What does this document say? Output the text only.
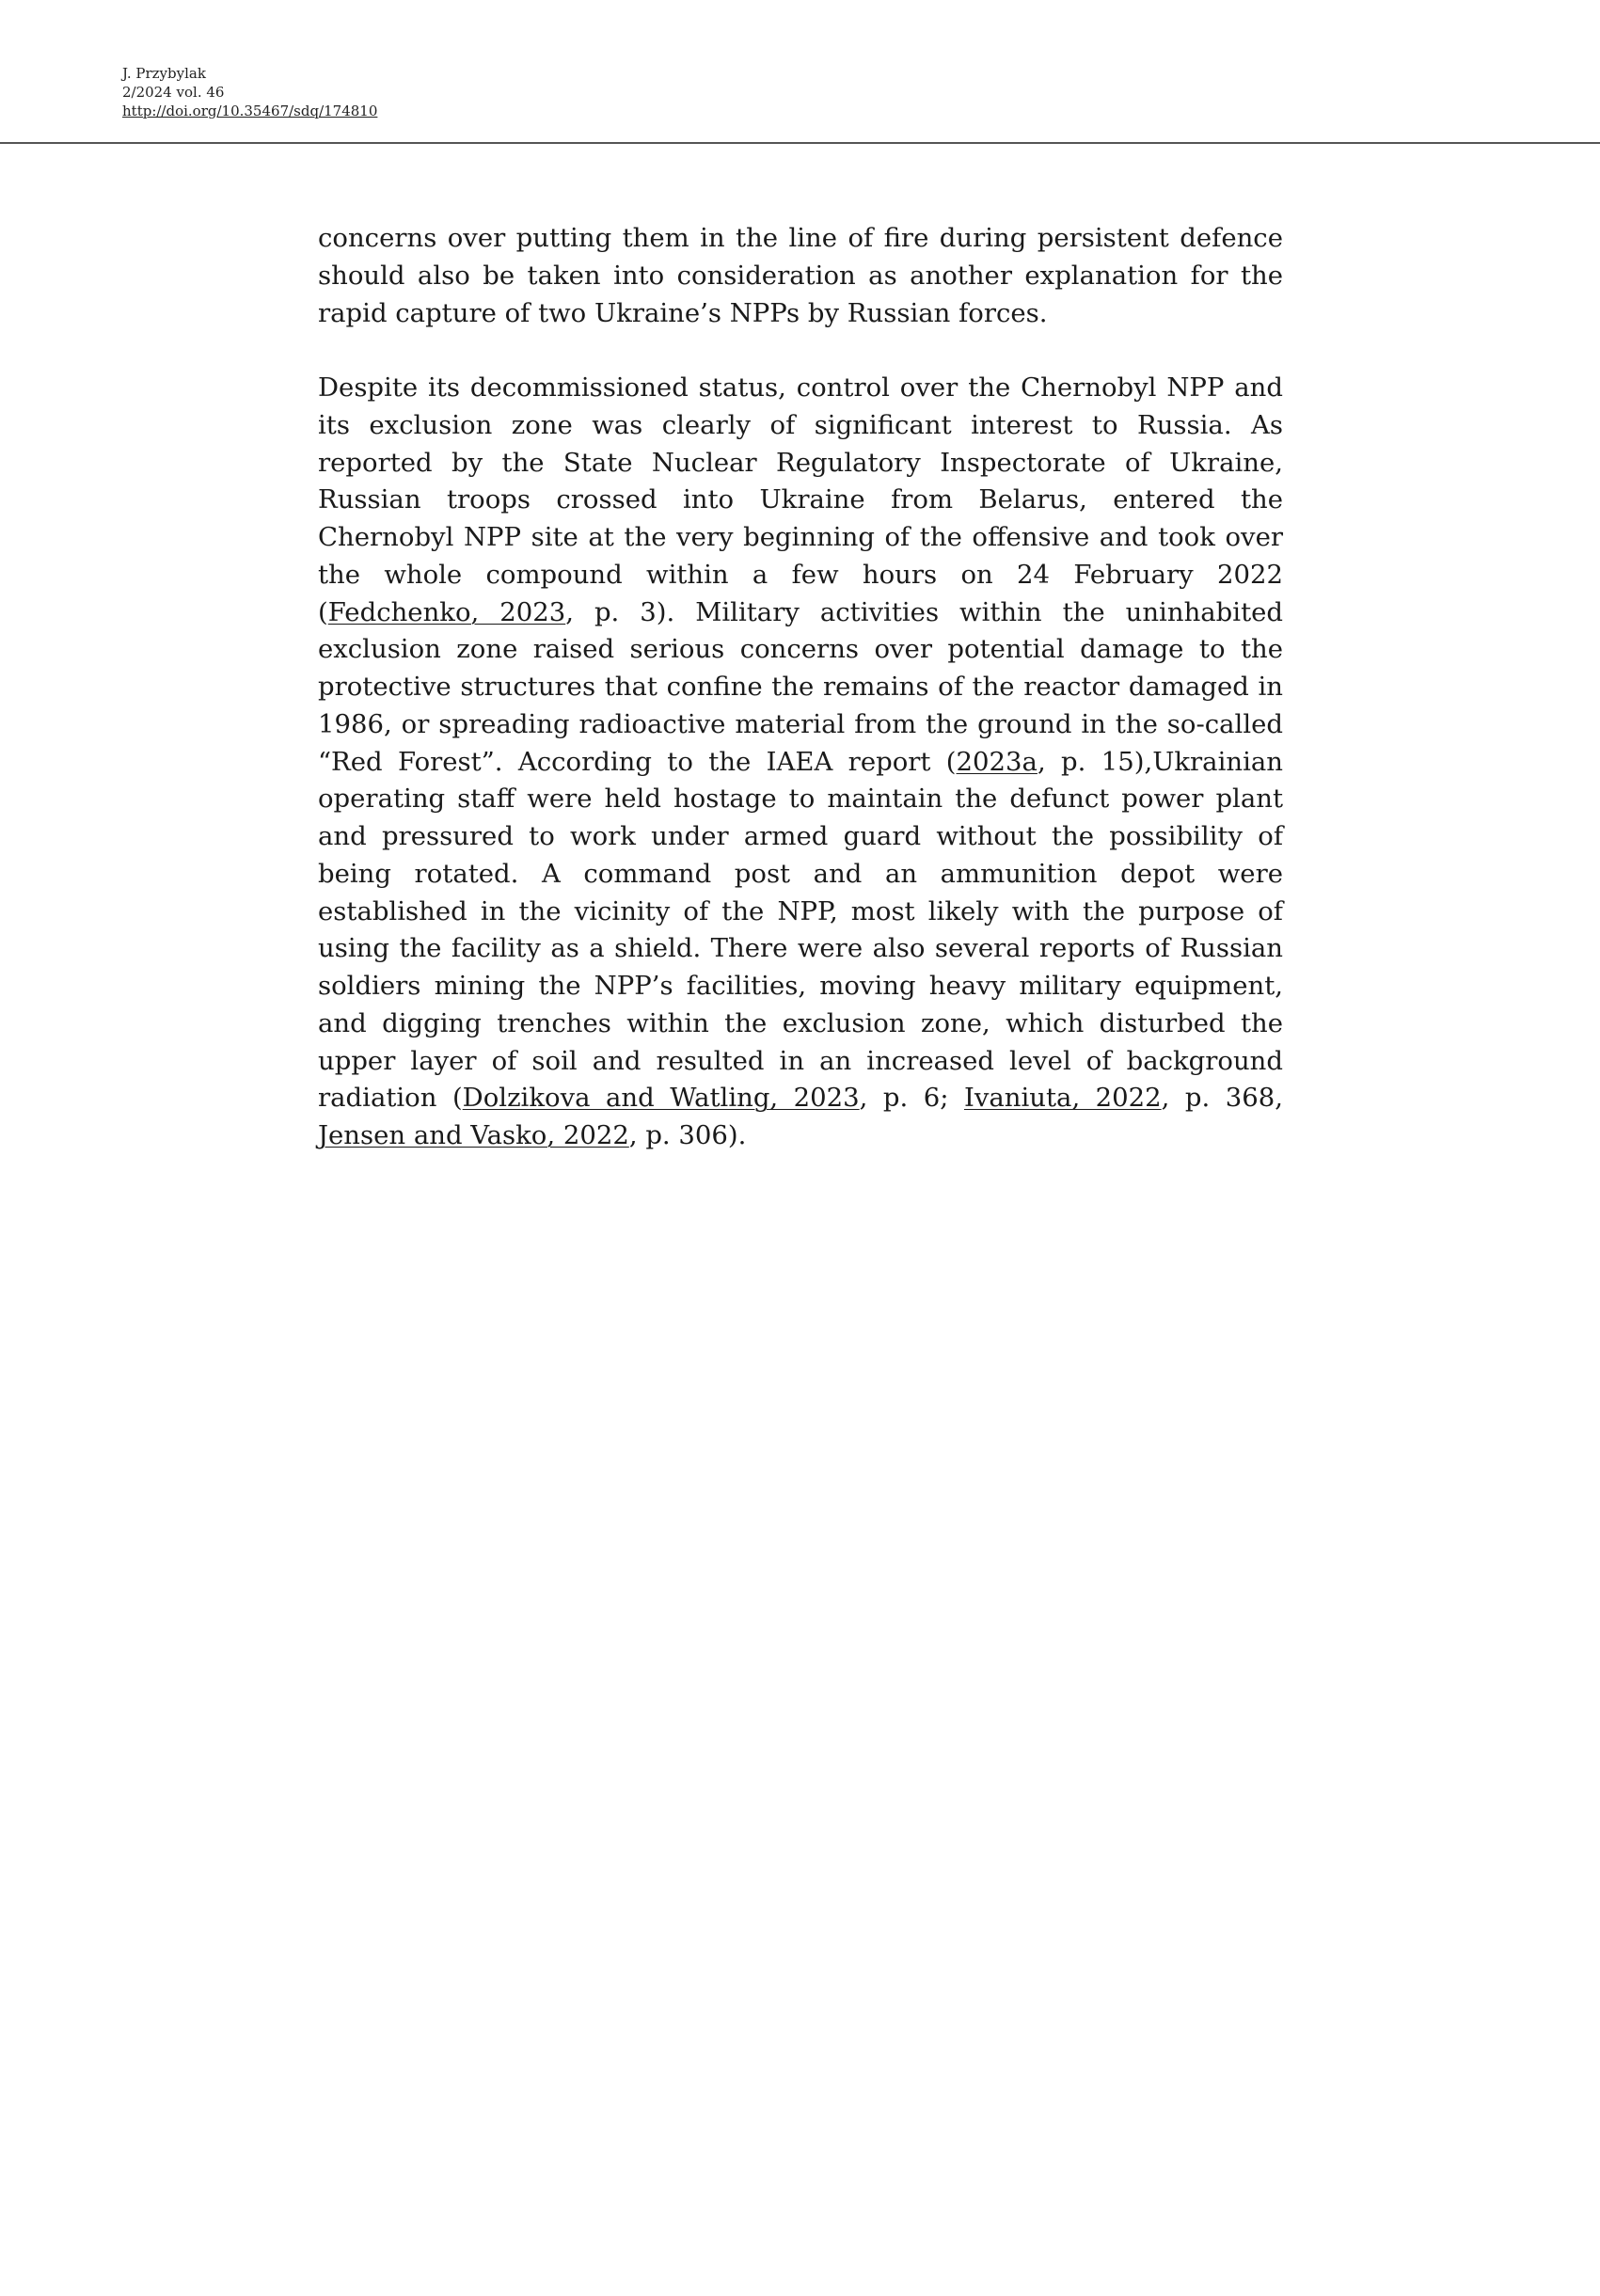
J. Przybylak
2/2024 vol. 46
http://doi.org/10.35467/sdq/174810

concerns over putting them in the line of fire during persistent defence should also be taken into consideration as another explanation for the rapid capture of two Ukraine’s NPPs by Russian forces.

Despite its decommissioned status, control over the Chernobyl NPP and its exclusion zone was clearly of significant interest to Russia. As reported by the State Nuclear Regulatory Inspectorate of Ukraine, Russian troops crossed into Ukraine from Belarus, entered the Chernobyl NPP site at the very beginning of the offensive and took over the whole compound within a few hours on 24 February 2022 (Fedchenko, 2023, p. 3). Military activities within the uninhabited exclusion zone raised serious concerns over potential damage to the protective structures that confine the remains of the reactor damaged in 1986, or spreading radioactive material from the ground in the so-called “Red Forest”. According to the IAEA report (2023a, p. 15),Ukrainian operating staff were held hostage to maintain the defunct power plant and pressured to work under armed guard without the possibility of being rotated. A command post and an ammunition depot were established in the vicinity of the NPP, most likely with the purpose of using the facility as a shield. There were also several reports of Russian soldiers mining the NPP’s facilities, moving heavy military equipment, and digging trenches within the exclusion zone, which disturbed the upper layer of soil and resulted in an increased level of background radiation (Dolzikova and Watling, 2023, p. 6; Ivaniuta, 2022, p. 368, Jensen and Vasko, 2022, p. 306).
